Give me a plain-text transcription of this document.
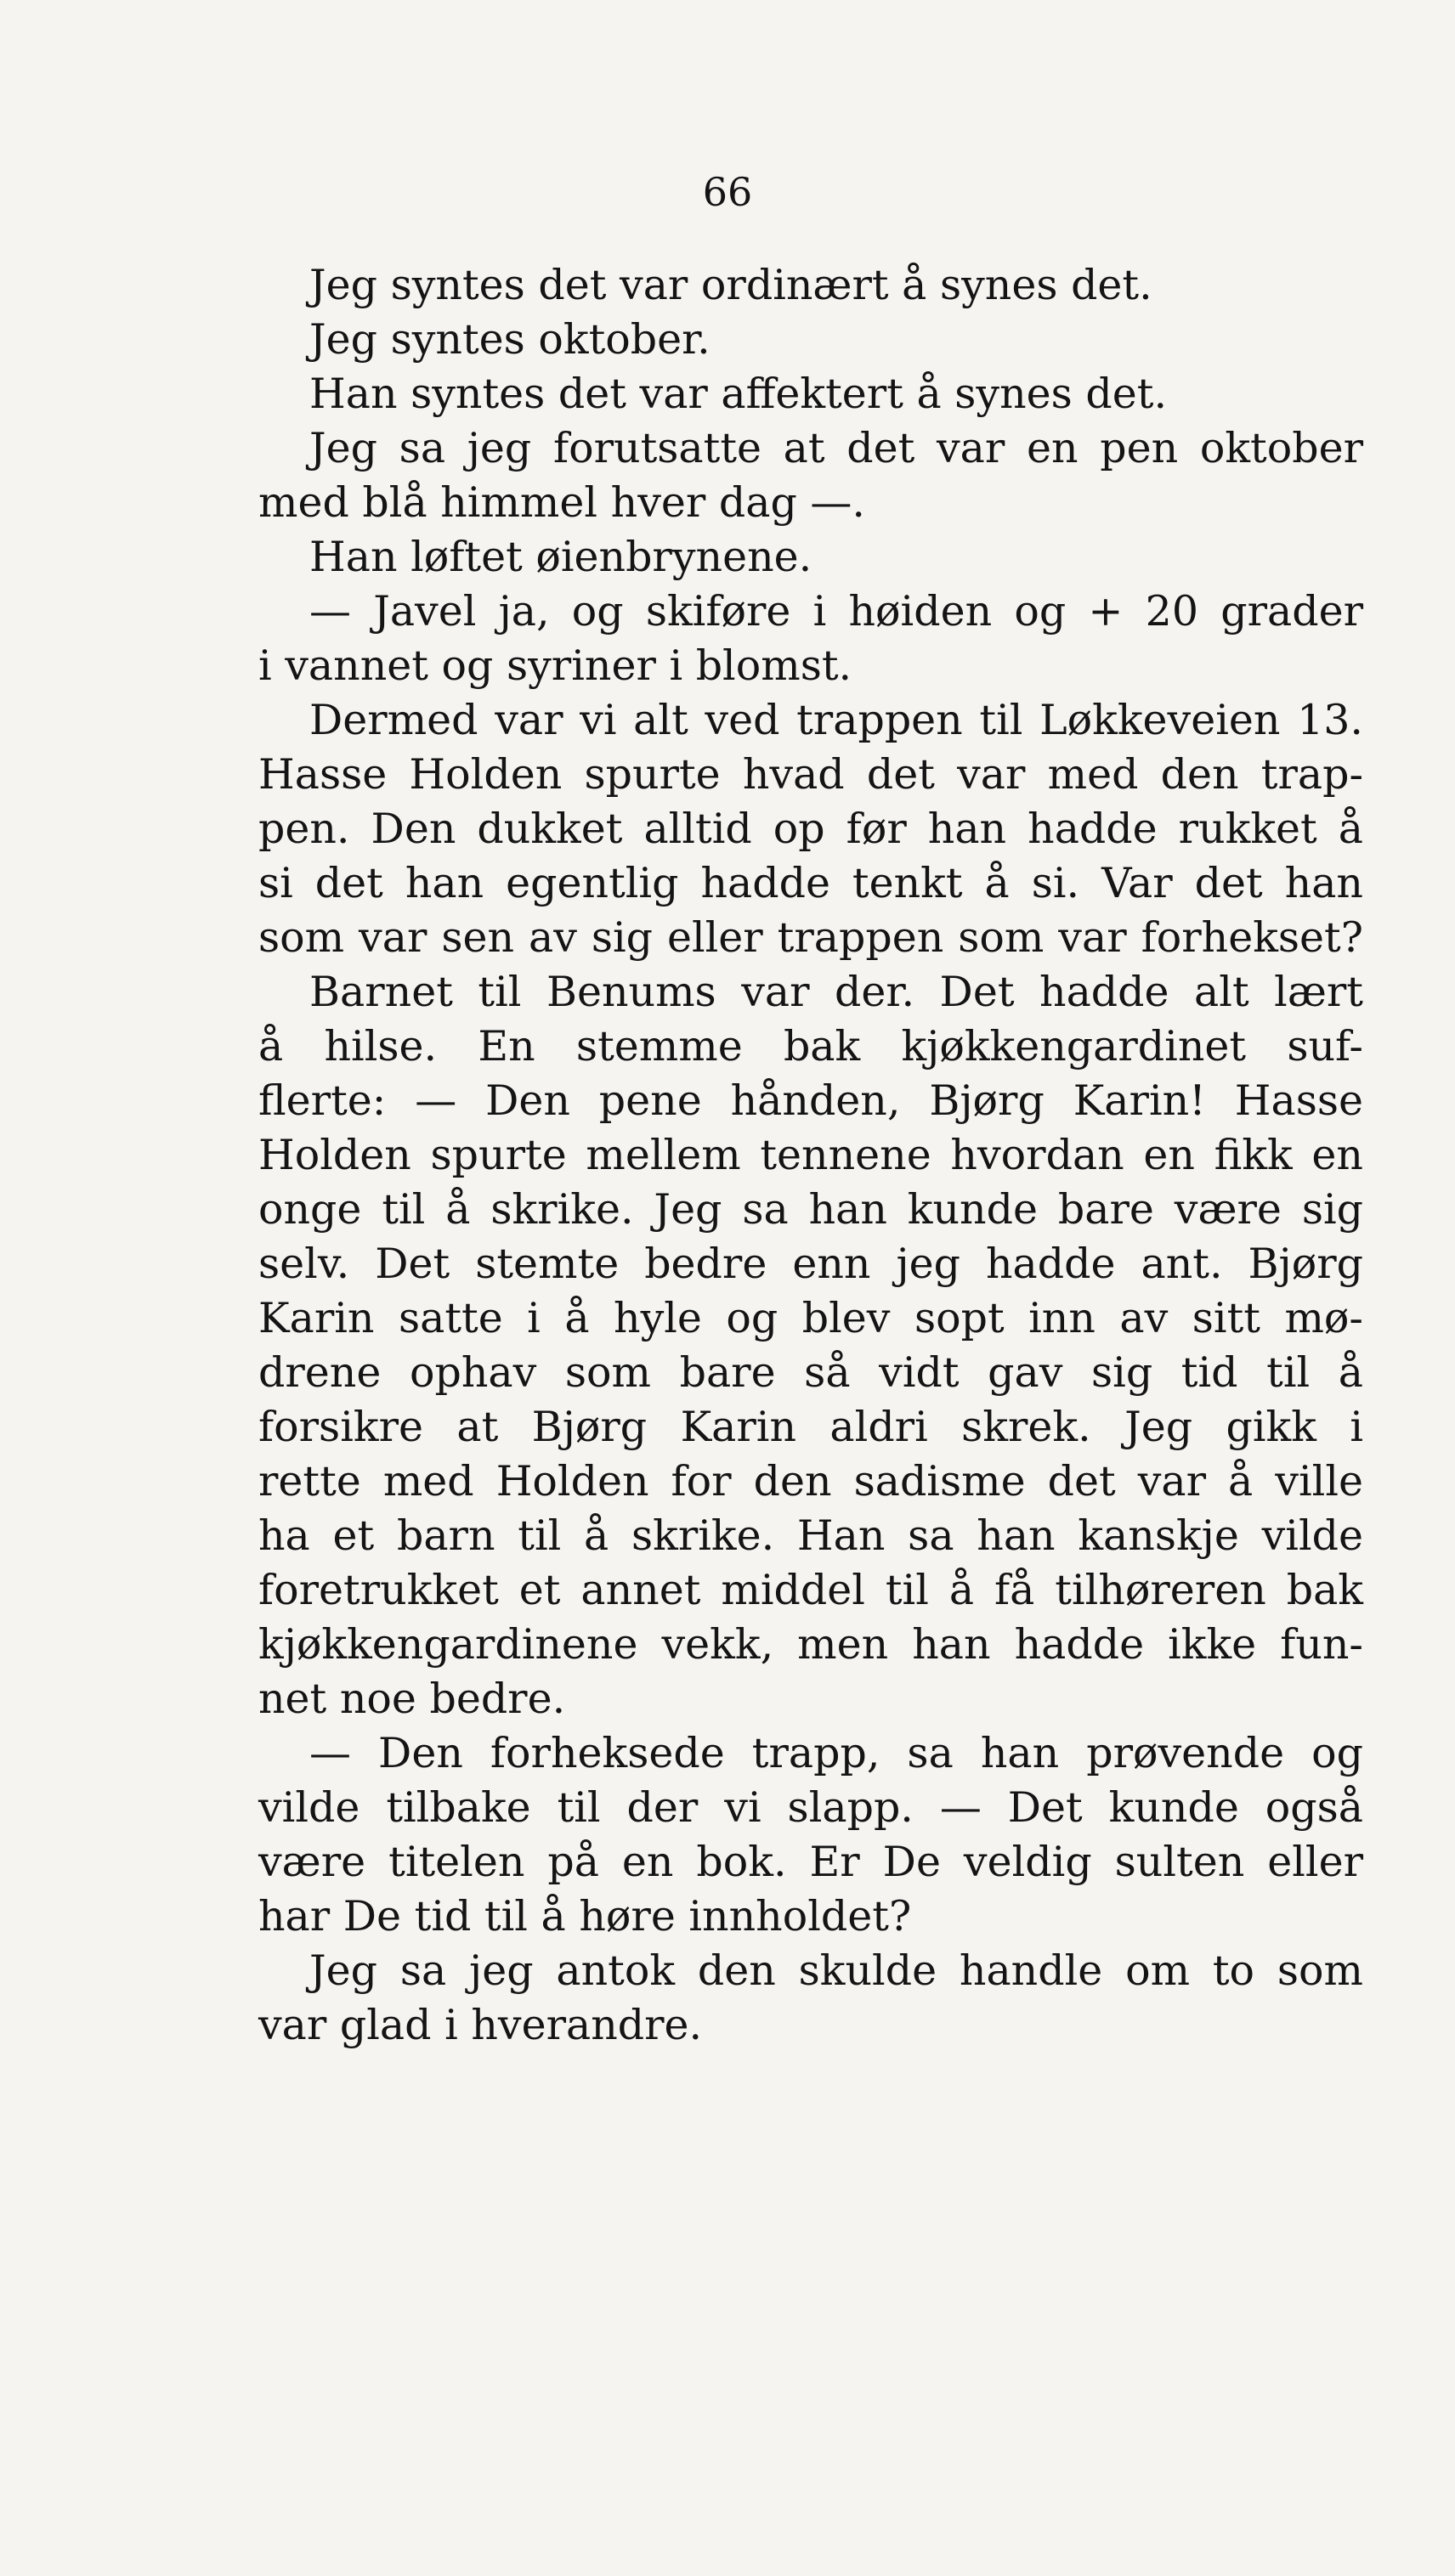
66
Jeg syntes det var ordinært å synes det.
Jeg syntes oktober.
Han syntes det var affektert å synes det.
Jeg sa jeg forutsatte at det var en pen oktober
med blå himmel hver dag —.
Han løftet øienbrynene.
— Javel ja, og skiføre i høiden og + 20 grader
i vannet og syriner i blomst.
Dermed var vi alt ved trappen til Løkkeveien 13.
Hasse Holden spurte hvad det var med den trap-
pen. Den dukket alltid op før han hadde rukket å
si det han egentlig hadde tenkt å si. Var det han
som var sen av sig eller trappen som var forhekset?
Barnet til Benums var der. Det hadde alt lært
å hilse. En stemme bak kjøkkengardinet suf-
flerte: — Den pene hånden, Bjørg Karin! Hasse
Holden spurte mellem tennene hvordan en fikk en
onge til å skrike. Jeg sa han kunde bare være sig
selv. Det stemte bedre enn jeg hadde ant. Bjørg
Karin satte i å hyle og blev sopt inn av sitt mø-
drene ophav som bare så vidt gav sig tid til å
forsikre at Bjørg Karin aldri skrek. Jeg gikk i
rette med Holden for den sadisme det var å ville
ha et barn til å skrike. Han sa han kanskje vilde
foretrukket et annet middel til å få tilhøreren bak
kjøkkengardinene vekk, men han hadde ikke fun-
net noe bedre.
— Den forheksede trapp, sa han prøvende og
vilde tilbake til der vi slapp. — Det kunde også
være titelen på en bok. Er De veldig sulten eller
har De tid til å høre innholdet?
Jeg sa jeg antok den skulde handle om to som
var glad i hverandre.
